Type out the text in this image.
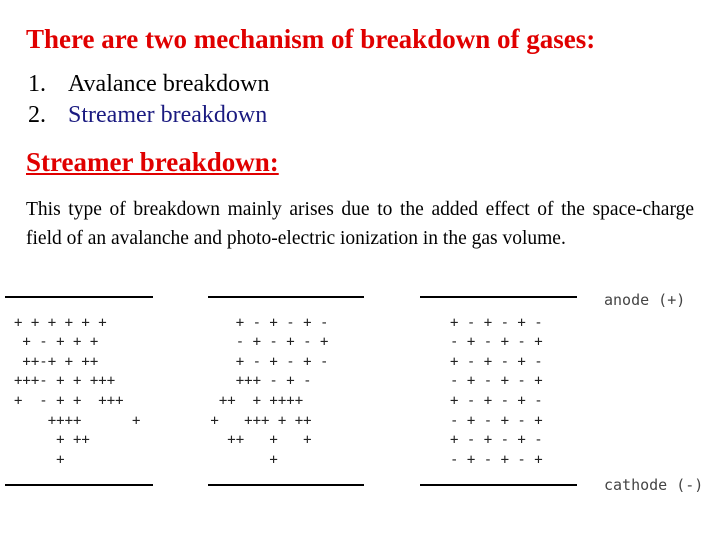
There are two mechanism of breakdown of gases:
1. Avalance breakdown
2. Streamer breakdown
Streamer breakdown:

This type of breakdown mainly arises due to the added effect of the space-charge field of an avalanche and photo-electric ionization in the gas volume.

anode (+)
cathode (-)
+ + + + + +
+ - + + +
++-+ + ++
+++- + + +++
+  - + +  +++
++++      +
+ ++
+
+ - + - + -
- + - + - +
+ - + - + -
+++ - + -
++  + ++++
+   +++ + ++
++   +   +
+
+ - + - + -
- + - + - +
+ - + - + -
- + - + - +
+ - + - + -
- + - + - +
+ - + - + -
- + - + - +
